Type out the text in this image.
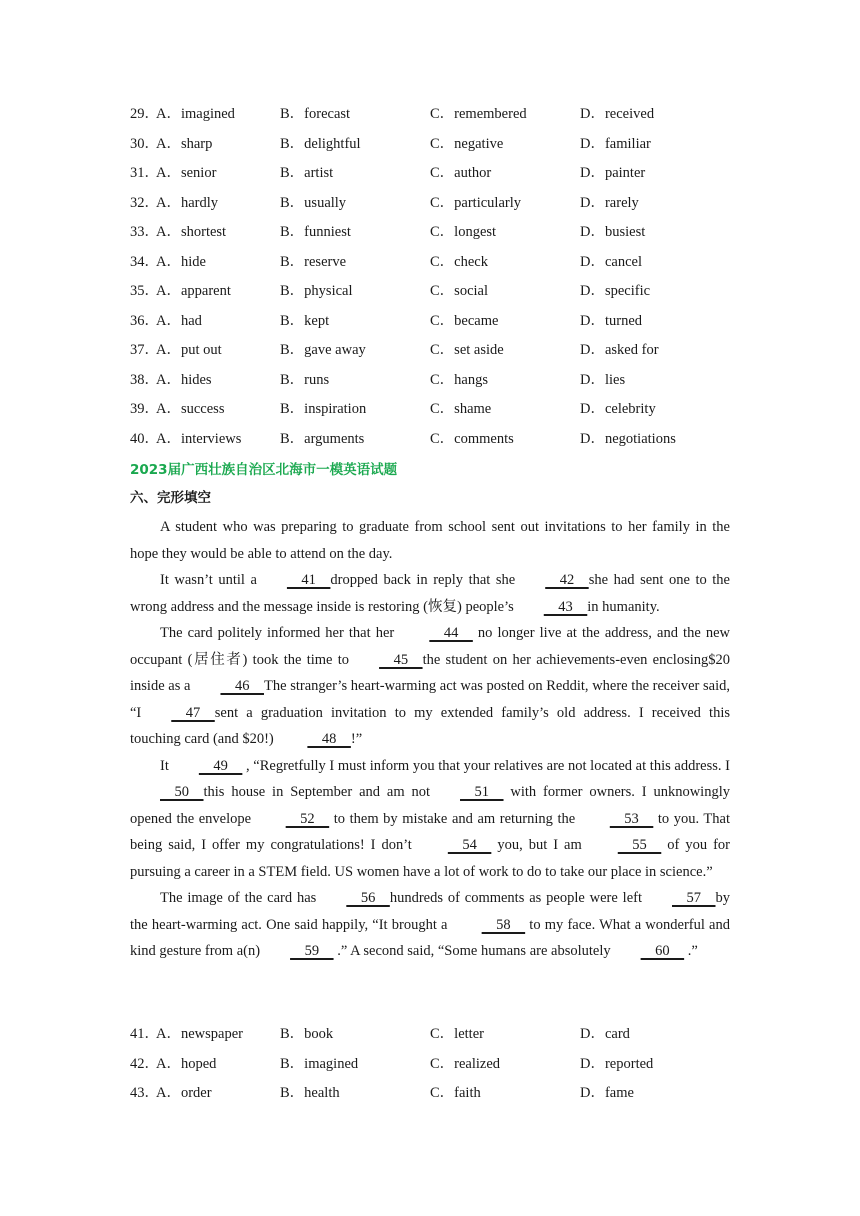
29．
A．imagined	B．forecast	C．remembered	D．received
30．
A．sharp	B．delightful	C．negative	D．familiar
31．
A．senior	B．artist	C．author	D．painter
32．
A．hardly	B．usually	C．particularly	D．rarely
33．
A．shortest	B．funniest	C．longest	D．busiest
34．
A．hide	B．reserve	C．check	D．cancel
35．
A．apparent	B．physical	C．social	D．specific
36．
A．had	B．kept	C．became	D．turned
37．
A．put out	B．gave away	C．set aside	D．asked for
38．
A．hides	B．runs	C．hangs	D．lies
39．
A．success	B．inspiration	C．shame	D．celebrity
40．
A．interviews	B．arguments	C．comments	D．negotiations
2023届广西壮族自治区北海市一模英语试题
六、完形填空

A student who was preparing to graduate from school sent out invitations to her family in the hope they would be able to attend on the day.

It wasn’t until a    41    dropped back in reply that she    42    she had sent one to the wrong address and the message inside is restoring (恢复) people’s    43    in humanity.

The card politely informed her that her     44     no longer live at the address, and the new occupant (居住者) took the time to    45    the student on her achievements-even enclosing$20 inside as a    46    The stranger’s heart-warming act was posted on Reddit, where the receiver said, “I    47    sent a graduation invitation to my extended family’s old address. I received this touching card (and $20!)     48    !”

It    49     , “Regretfully I must inform you that your relatives are not located at this address. I    50    this house in September and am not    51     with former owners. I unknowingly opened the envelope     52     to them by mistake and am returning the     53     to you. That being said, I offer my congratulations! I don’t     54     you, but I am     55     of you for pursuing a career in a STEM field. US women have a lot of work to do to take our place in science.”

The image of the card has    56    hundreds of comments as people were left    57    by the heart-warming act. One said happily, “It brought a     58     to my face. What a wonderful and kind gesture from a(n)    59     .” A second said, “Some humans are absolutely    60     .”

41．
A．newspaper	B．book	C．letter	D．card
42．
A．hoped	B．imagined	C．realized	D．reported
43．
A．order	B．health	C．faith	D．fame
